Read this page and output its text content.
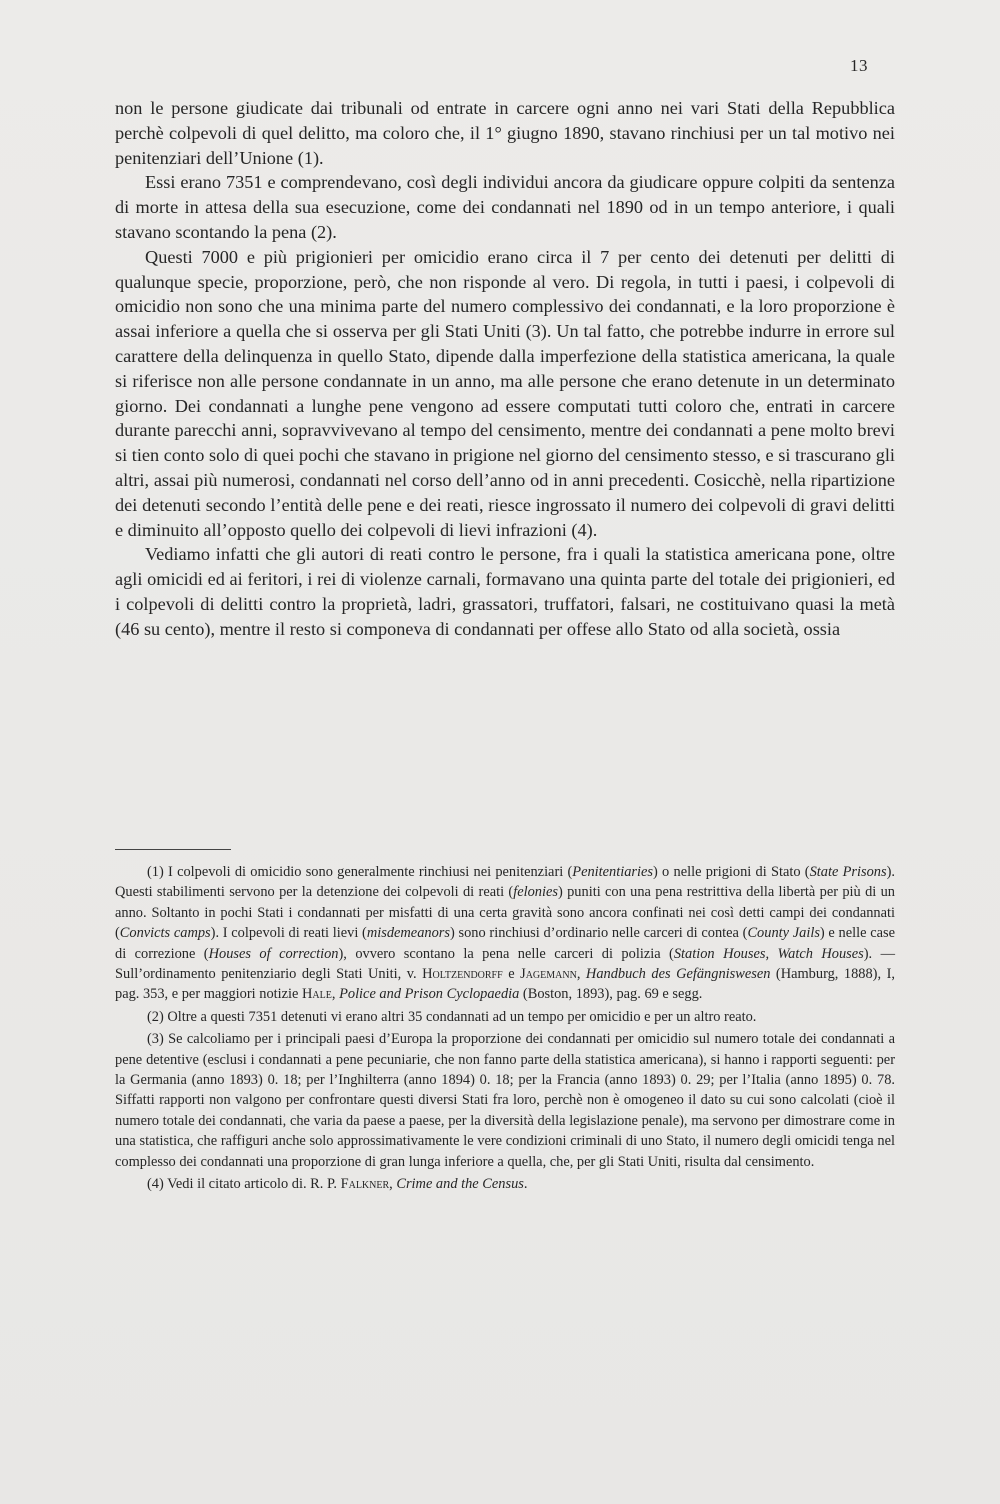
13

non le persone giudicate dai tribunali od entrate in carcere ogni anno nei vari Stati della Repubblica perchè colpevoli di quel delitto, ma coloro che, il 1° giugno 1890, stavano rinchiusi per un tal motivo nei penitenziari dell’Unione (1).

Essi erano 7351 e comprendevano, così degli individui ancora da giudicare oppure colpiti da sentenza di morte in attesa della sua esecuzione, come dei condannati nel 1890 od in un tempo anteriore, i quali stavano scontando la pena (2).

Questi 7000 e più prigionieri per omicidio erano circa il 7 per cento dei detenuti per delitti di qualunque specie, proporzione, però, che non risponde al vero. Di regola, in tutti i paesi, i colpevoli di omicidio non sono che una minima parte del numero complessivo dei condannati, e la loro proporzione è assai inferiore a quella che si osserva per gli Stati Uniti (3). Un tal fatto, che potrebbe indurre in errore sul carattere della delinquenza in quello Stato, dipende dalla imperfezione della statistica americana, la quale si riferisce non alle persone condannate in un anno, ma alle persone che erano detenute in un determinato giorno. Dei condannati a lunghe pene vengono ad essere computati tutti coloro che, entrati in carcere durante parecchi anni, sopravvivevano al tempo del censimento, mentre dei condannati a pene molto brevi si tien conto solo di quei pochi che stavano in prigione nel giorno del censimento stesso, e si trascurano gli altri, assai più numerosi, condannati nel corso dell’anno od in anni precedenti. Cosicchè, nella ripartizione dei detenuti secondo l’entità delle pene e dei reati, riesce ingrossato il numero dei colpevoli di gravi delitti e diminuito all’opposto quello dei colpevoli di lievi infrazioni (4).

Vediamo infatti che gli autori di reati contro le persone, fra i quali la statistica americana pone, oltre agli omicidi ed ai feritori, i rei di violenze carnali, formavano una quinta parte del totale dei prigionieri, ed i colpevoli di delitti contro la proprietà, ladri, grassatori, truffatori, falsari, ne costituivano quasi la metà (46 su cento), mentre il resto si componeva di condannati per offese allo Stato od alla società, ossia

(1) I colpevoli di omicidio sono generalmente rinchiusi nei penitenziari (Penitentiaries) o nelle prigioni di Stato (State Prisons). Questi stabilimenti servono per la detenzione dei colpevoli di reati (felonies) puniti con una pena restrittiva della libertà per più di un anno. Soltanto in pochi Stati i condannati per misfatti di una certa gravità sono ancora confinati nei così detti campi dei condannati (Convicts camps). I colpevoli di reati lievi (misdemeanors) sono rinchiusi d’ordinario nelle carceri di contea (County Jails) e nelle case di correzione (Houses of correction), ovvero scontano la pena nelle carceri di polizia (Station Houses, Watch Houses). — Sull’ordinamento penitenziario degli Stati Uniti, v. Holtzendorff e Jagemann, Handbuch des Gefängniswesen (Hamburg, 1888), I, pag. 353, e per maggiori notizie Hale, Police and Prison Cyclopaedia (Boston, 1893), pag. 69 e segg.

(2) Oltre a questi 7351 detenuti vi erano altri 35 condannati ad un tempo per omicidio e per un altro reato.

(3) Se calcoliamo per i principali paesi d’Europa la proporzione dei condannati per omicidio sul numero totale dei condannati a pene detentive (esclusi i condannati a pene pecuniarie, che non fanno parte della statistica americana), si hanno i rapporti seguenti: per la Germania (anno 1893) 0. 18; per l’Inghilterra (anno 1894) 0. 18; per la Francia (anno 1893) 0. 29; per l’Italia (anno 1895) 0. 78. Siffatti rapporti non valgono per confrontare questi diversi Stati fra loro, perchè non è omogeneo il dato su cui sono calcolati (cioè il numero totale dei condannati, che varia da paese a paese, per la diversità della legislazione penale), ma servono per dimostrare come in una statistica, che raffiguri anche solo approssimativamente le vere condizioni criminali di uno Stato, il numero degli omicidi tenga nel complesso dei condannati una proporzione di gran lunga inferiore a quella, che, per gli Stati Uniti, risulta dal censimento.

(4) Vedi il citato articolo di. R. P. Falkner, Crime and the Census.
